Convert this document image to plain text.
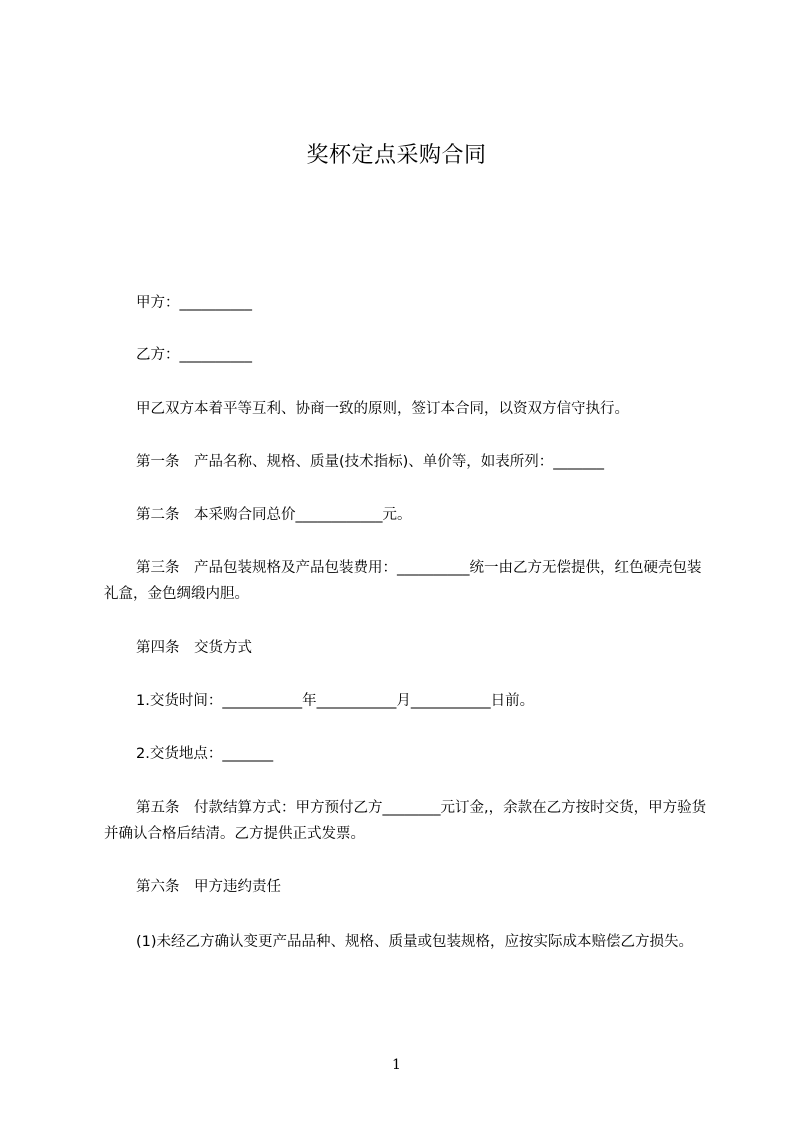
奖杯定点采购合同
甲方：__________
乙方：__________
甲乙双方本着平等互利、协商一致的原则，签订本合同，以资双方信守执行。
第一条　产品名称、规格、质量(技术指标)、单价等，如表所列：_______
第二条　本采购合同总价____________元。
第三条　产品包装规格及产品包装费用：__________统一由乙方无偿提供，红色硬壳包装礼盒，金色绸缎内胆。
第四条　交货方式
1.交货时间：___________年___________月___________日前。
2.交货地点：_______
第五条　付款结算方式：甲方预付乙方________元订金,，余款在乙方按时交货，甲方验货并确认合格后结清。乙方提供正式发票。
第六条　甲方违约责任
(1)未经乙方确认变更产品品种、规格、质量或包装规格，应按实际成本赔偿乙方损失。
1
